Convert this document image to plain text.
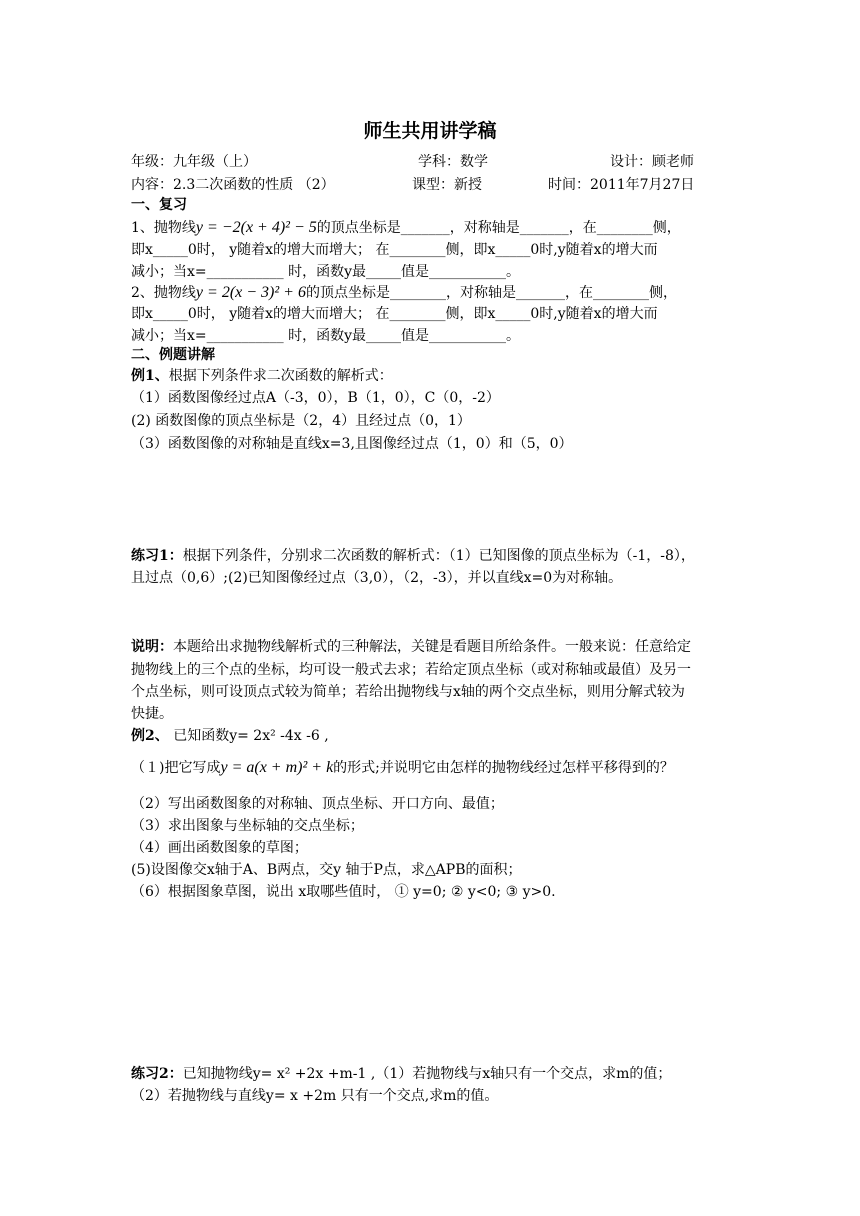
师生共用讲学稿
年级：九年级（上）	学科：数学	设计：顾老师
内容：2.3二次函数的性质 （2）	课型：新授	时间：2011年7月27日
一、复习
1、抛物线y = −2(x + 4)² − 5的顶点坐标是_______，对称轴是_______，在________侧，
即x_____0时， y随着x的增大而增大； 在________侧，即x_____0时,y随着x的增大而
减小；当x=___________ 时，函数y最_____值是___________。
2、抛物线y = 2(x − 3)² + 6的顶点坐标是________，对称轴是_______，在________侧，
即x_____0时， y随着x的增大而增大； 在________侧，即x_____0时,y随着x的增大而
减小；当x=___________ 时，函数y最_____值是___________。
二、例题讲解
例1、根据下列条件求二次函数的解析式：
（1）函数图像经过点A（-3，0），B（1，0），C（0，-2）
(2) 函数图像的顶点坐标是（2，4）且经过点（0，1）
（3）函数图像的对称轴是直线x=3,且图像经过点（1，0）和（5，0）
练习1：根据下列条件，分别求二次函数的解析式：（1）已知图像的顶点坐标为（-1，-8），
且过点（0,6）;(2)已知图像经过点（3,0），（2，-3），并以直线x=0为对称轴。
说明：本题给出求抛物线解析式的三种解法，关键是看题目所给条件。一般来说：任意给定
抛物线上的三个点的坐标，均可设一般式去求；若给定顶点坐标（或对称轴或最值）及另一
个点坐标，则可设顶点式较为简单；若给出抛物线与x轴的两个交点坐标，则用分解式较为
快捷。
例2、 已知函数y= 2x² -4x -6 ,
（１)把它写成y = a(x + m)² + k的形式;并说明它由怎样的抛物线经过怎样平移得到的？
（2）写出函数图象的对称轴、顶点坐标、开口方向、最值；
（3）求出图象与坐标轴的交点坐标；
（4）画出函数图象的草图；
(5)设图像交x轴于A、B两点，交y 轴于P点，求△APB的面积；
（6）根据图象草图，说出 x取哪些值时， ① y=0; ② y<0; ③ y>0.
练习2：已知抛物线y= x² +2x +m-1 ,（1）若抛物线与x轴只有一个交点，求m的值；
（2）若抛物线与直线y= x +2m 只有一个交点,求m的值。
